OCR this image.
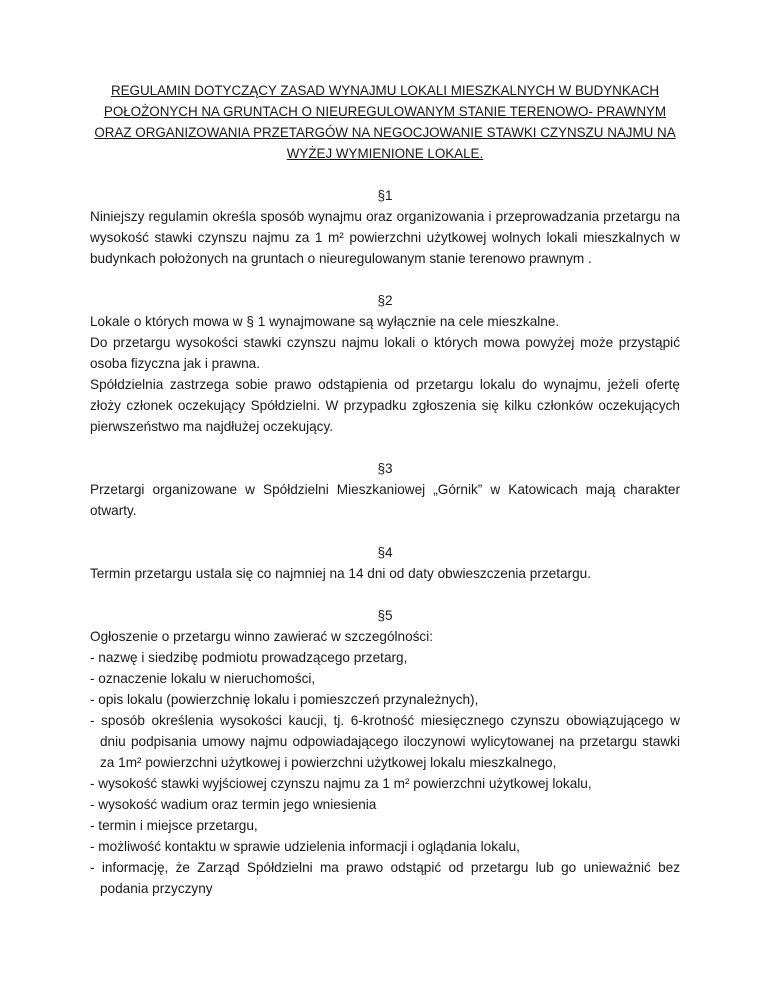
REGULAMIN DOTYCZĄCY ZASAD WYNAJMU LOKALI MIESZKALNYCH W BUDYNKACH
POŁOŻONYCH NA GRUNTACH O NIEUREGULOWANYM STANIE TERENOWO- PRAWNYM
ORAZ ORGANIZOWANIA PRZETARGÓW NA NEGOCJOWANIE STAWKI CZYNSZU NAJMU NA
WYŻEJ WYMIENIONE LOKALE.

§1

Niniejszy regulamin określa sposób wynajmu oraz organizowania i przeprowadzania przetargu na wysokość stawki czynszu najmu za 1 m² powierzchni użytkowej wolnych lokali mieszkalnych w budynkach położonych na gruntach o nieuregulowanym stanie terenowo prawnym .

§2

Lokale o których mowa w § 1 wynajmowane są wyłącznie na cele mieszkalne.

Do przetargu wysokości stawki czynszu najmu lokali o których mowa powyżej może przystąpić osoba fizyczna jak i prawna.

Spółdzielnia zastrzega sobie prawo odstąpienia od przetargu lokalu do wynajmu, jeżeli ofertę złoży członek oczekujący Spółdzielni. W przypadku zgłoszenia się kilku członków oczekujących pierwszeństwo ma najdłużej oczekujący.

§3

Przetargi organizowane w Spółdzielni Mieszkaniowej „Górnik” w Katowicach mają charakter otwarty.

§4

Termin przetargu ustala się co najmniej na 14 dni od daty obwieszczenia przetargu.

§5

Ogłoszenie o przetargu winno zawierać w szczególności:

- nazwę i siedzibę podmiotu prowadzącego przetarg,
- oznaczenie lokalu w nieruchomości,
- opis lokalu (powierzchnię lokalu i pomieszczeń przynależnych),
- sposób określenia wysokości kaucji, tj. 6-krotność miesięcznego czynszu obowiązującego w dniu podpisania umowy najmu odpowiadającego iloczynowi wylicytowanej na przetargu stawki za 1m² powierzchni użytkowej i powierzchni użytkowej lokalu mieszkalnego,
- wysokość stawki wyjściowej czynszu najmu za 1 m² powierzchni użytkowej lokalu,
- wysokość wadium oraz termin jego wniesienia
- termin i miejsce przetargu,
- możliwość kontaktu w sprawie udzielenia informacji i oglądania lokalu,
- informację, że Zarząd Spółdzielni ma prawo odstąpić od przetargu lub go unieważnić bez podania przyczyny
